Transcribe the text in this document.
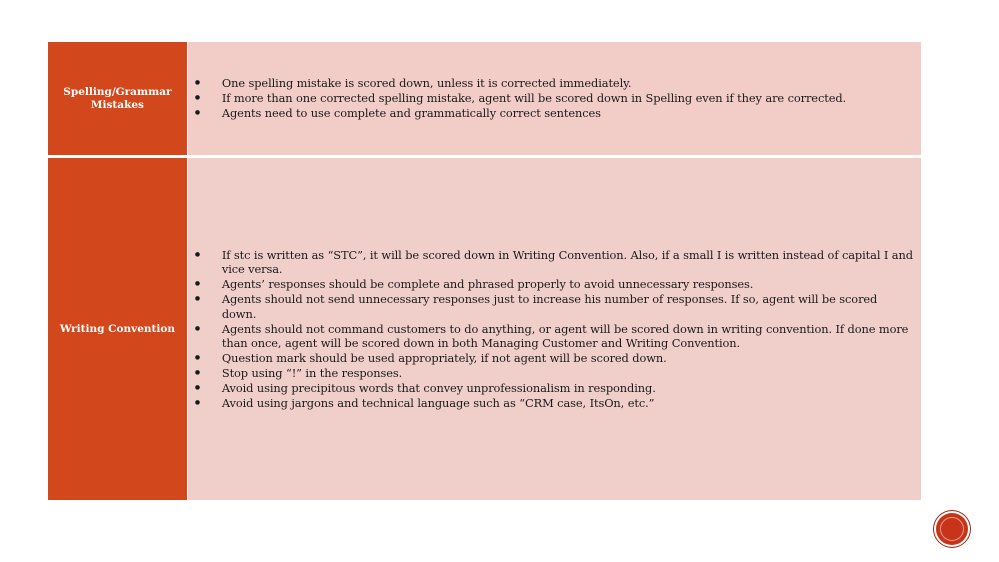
Spelling/Grammar Mistakes
● One spelling mistake is scored down, unless it is corrected immediately.
● If more than one corrected spelling mistake, agent will be scored down in Spelling even if they are corrected.
● Agents need to use complete and grammatically correct sentences
Writing Convention
● If stc is written as “STC”, it will be scored down in Writing Convention. Also, if a small I is written instead of capital I and vice versa.
● Agents’ responses should be complete and phrased properly to avoid unnecessary responses.
● Agents should not send unnecessary responses just to increase his number of responses. If so, agent will be scored down.
● Agents should not command customers to do anything, or agent will be scored down in writing convention. If done more than once, agent will be scored down in both Managing Customer and Writing Convention.
● Question mark should be used appropriately, if not agent will be scored down.
● Stop using “!” in the responses.
● Avoid using precipitous words that convey unprofessionalism in responding.
● Avoid using jargons and technical language such as “CRM case, ItsOn, etc.”
